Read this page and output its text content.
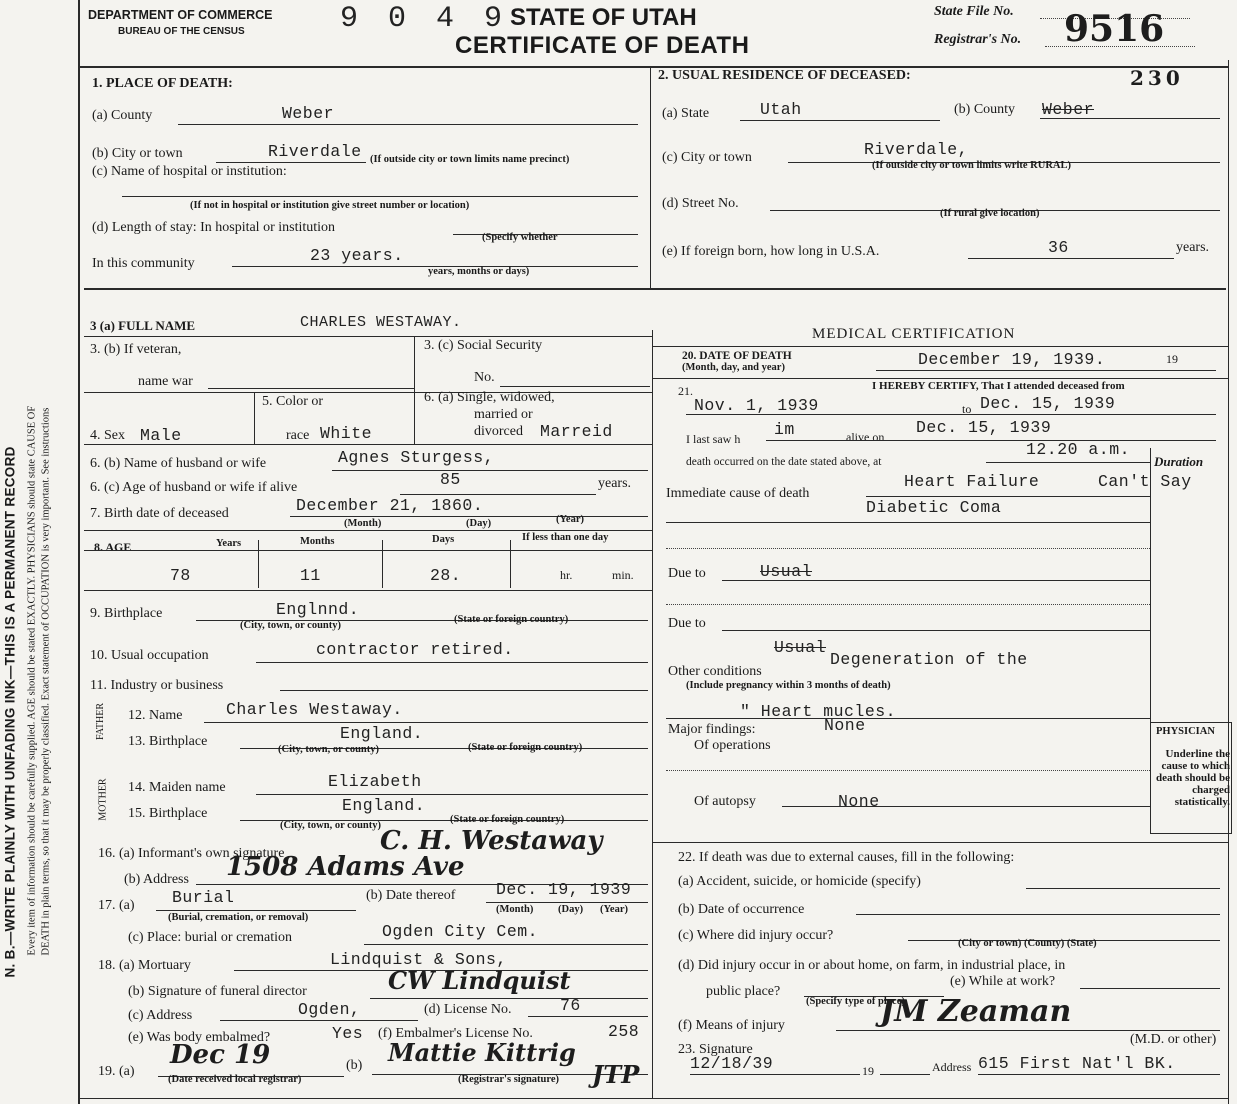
N. B.—WRITE PLAINLY WITH UNFADING INK—THIS IS A PERMANENT RECORD Every item of information should be carefully supplied. AGE should be stated EXACTLY. PHYSICIANS should state CAUSE OF DEATH in plain terms, so that it may be properly classified. Exact statement of OCCUPATION is very important. See instructions
DEPARTMENT OF COMMERCE
BUREAU OF THE CENSUS	9 0 4 9 STATE OF UTAH
CERTIFICATE OF DEATH
State File No.
Registrar's No. 9516
1. PLACE OF DEATH:
(a) County	Weber
(b) City or town	Riverdale (If outside city or town limits name precinct)
(c) Name of hospital or institution:
(If not in hospital or institution give street number or location)
(d) Length of stay: In hospital or institution
(Specify whether
In this community	23 years.
years, months or days)
2. USUAL RESIDENCE OF DECEASED:	230
(a) State	Utah	(b) County Weber
(c) City or town	Riverdale,
(If outside city or town limits write RURAL)
(d) Street No.
(If rural give location)
(e) If foreign born, how long in U.S.A.	36	years.
3 (a) FULL NAME	CHARLES WESTAWAY.
3. (b) If veteran,
name war
3. (c) Social Security
No.
4. Sex Male
5. Color or
race White
6. (a) Single, widowed,
married or
divorced Marreid
6. (b) Name of husband or wife	Agnes Sturgess,
6. (c) Age of husband or wife if alive	85	years.
7. Birth date of deceased	December 21, 1860.
(Month)	(Day)	(Year)
8. AGE	Years	Months	Days	If less than one day
78	11	28.	hr.	min.
9. Birthplace	Englnnd.
(City, town, or county)
(State or foreign country)
10. Usual occupation	contractor retired.
11. Industry or business
FATHER 12. Name	Charles Westaway.
13. Birthplace	England.
(City, town, or county)	(State or foreign country)
MOTHER 14. Maiden name	Elizabeth
15. Birthplace	England.
(City, town, or county)
(State or foreign country)
16. (a) Informant's own signature	C. H. Westaway
(b) Address 1508 Adams Ave
17. (a) Burial
(Burial, cremation, or removal)
(b) Date thereof Dec. 19, 1939
(Month) (Day) (Year)
(c) Place: burial or cremation	Ogden City Cem.
18. (a) Mortuary	Lindquist & Sons,
(b) Signature of funeral director	CW Lindquist
(c) Address	Ogden,	(d) License No.	76
(e) Was body embalmed?	Yes (f) Embalmer's License No.	258
19. (a)
Dec 19
(Date received local registrar)
(b) Mattie Kittrig
(Registrar's signature) JTP
MEDICAL CERTIFICATION
20. DATE OF DEATH
(Month, day, and year)	December 19, 1939.	19
21.	I HEREBY CERTIFY, That I attended deceased from
Nov. 1, 1939	to Dec. 15, 1939
I last saw h im	alive on Dec. 15, 1939
death occurred on the date stated above, at
12.20 a.m.
Duration
Immediate cause of death
Heart Failure	Can't Say
Diabetic Coma
Due to	Usual
Due to
Usual
Other conditions
Degeneration of the
(Include pregnancy within 3 months of death)
" Heart mucles.
Major findings:
Of operations
None
Of autopsy	None
PHYSICIAN
Underline the cause to which death should be charged statistically.
22. If death was due to external causes, fill in the following:
(a) Accident, suicide, or homicide (specify)
(b) Date of occurrence
(c) Where did injury occur?
(City or town) (County) (State)
(d) Did injury occur in or about home, on farm, in industrial place, in
public place?
(Specify type of place)
(e) While at work?
(f) Means of injury	JM Zeaman
(M.D. or other)
23. Signature
12/18/39	19	Address 615 First Nat'l BK.
